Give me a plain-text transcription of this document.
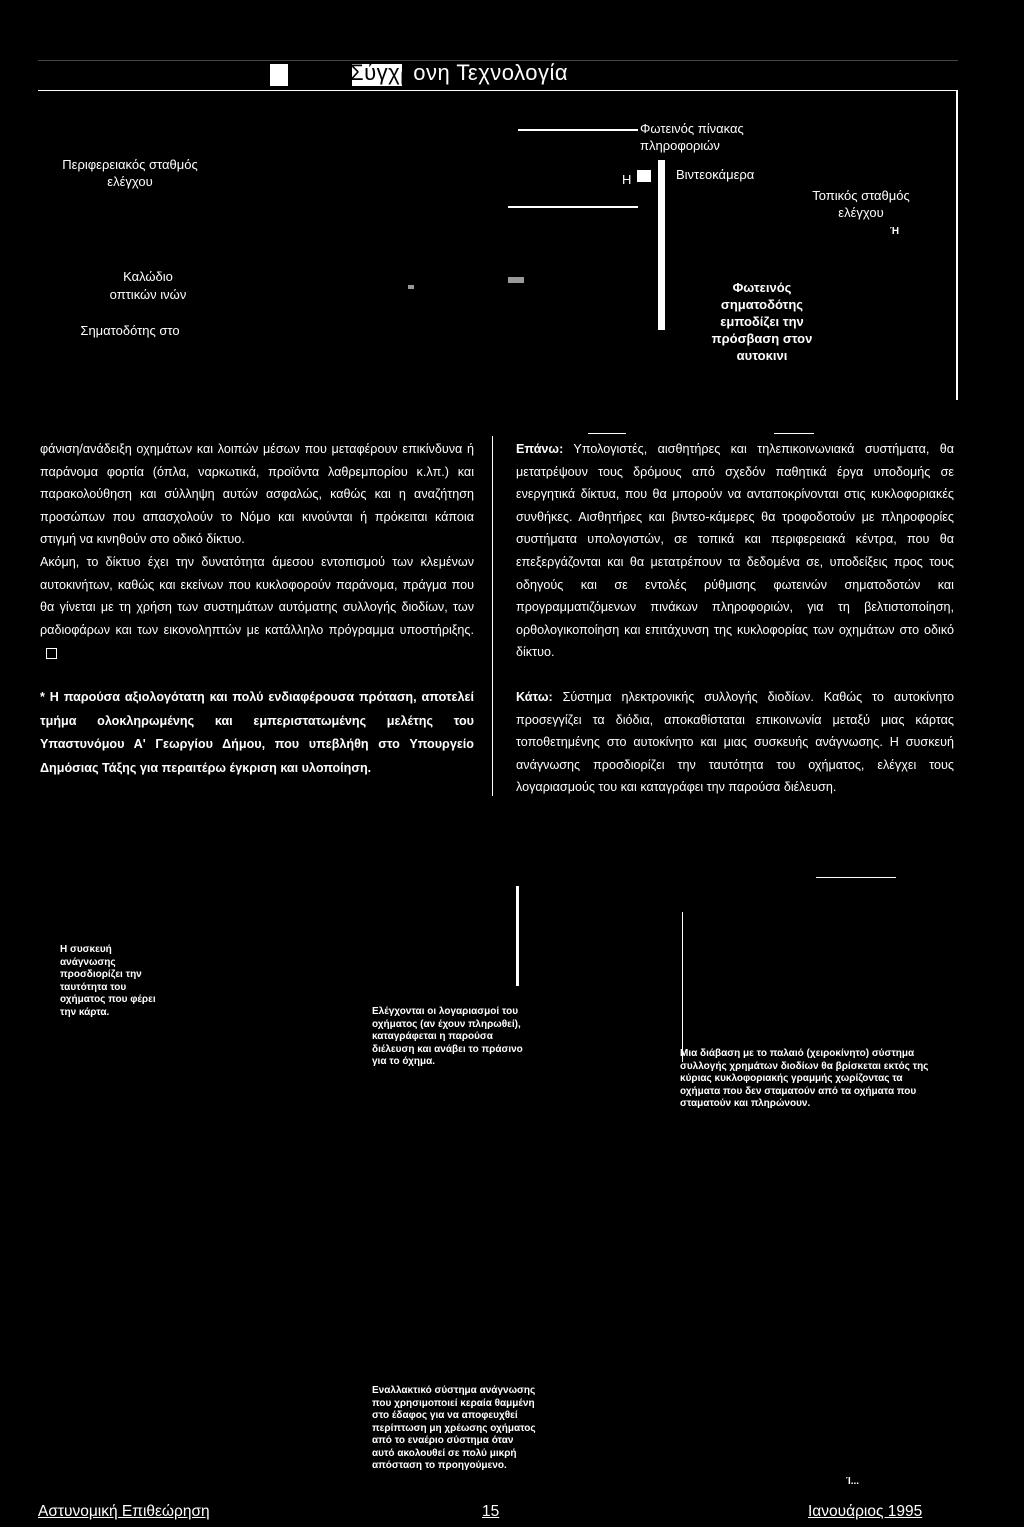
Σύγχρονη Τεχνολογία
Περιφερειακός σταθμός ελέγχου
Φωτεινός πίνακας πληροφοριών
Η	Βιντεοκάμερα
Τοπικός σταθμός ελέγχου
Ή
Καλώδιο
οπτικών ινών
Σηματοδότης στο
Φωτεινός σηματοδότης εμποδίζει την πρόσβαση στον αυτοκινι

φάνιση/ανάδειξη οχημάτων και λοιπών μέσων που μεταφέρουν επικίνδυνα ή παράνομα φορτία (όπλα, ναρκωτικά, προϊόντα λαθρεμπορίου κ.λπ.) και παρακολούθηση και σύλληψη αυτών ασφαλώς, καθώς και η αναζήτηση προσώπων που απασχολούν το Νόμο και κινούνται ή πρόκειται κάποια στιγμή να κινηθούν στο οδικό δίκτυο.

Ακόμη, το δίκτυο έχει την δυνατότητα άμεσου εντοπισμού των κλεμένων αυτοκινήτων, καθώς και εκείνων που κυκλοφορούν παράνομα, πράγμα που θα γίνεται με τη χρήση των συστημάτων αυτόματης συλλογής διοδίων, των ραδιοφάρων και των εικονοληπτών με κατάλληλο πρόγραμμα υποστήριξης.

* Η παρούσα αξιολογότατη και πολύ ενδιαφέρουσα πρόταση, αποτελεί τμήμα ολοκληρωμένης και εμπεριστατωμένης μελέτης του Υπαστυνόμου Α' Γεωργίου Δήμου, που υπεβλήθη στο Υπουργείο Δημόσιας Τάξης για περαιτέρω έγκριση και υλοποίηση.

Επάνω: Υπολογιστές, αισθητήρες και τηλεπικοινωνιακά συστήματα, θα μετατρέψουν τους δρόμους από σχεδόν παθητικά έργα υποδομής σε ενεργητικά δίκτυα, που θα μπορούν να ανταποκρίνονται στις κυκλοφοριακές συνθήκες. Αισθητήρες και βιντεο-κάμερες θα τροφοδοτούν με πληροφορίες συστήματα υπολογιστών, σε τοπικά και περιφερειακά κέντρα, που θα επεξεργάζονται και θα μετατρέπουν τα δεδομένα σε, υποδείξεις προς τους οδηγούς και σε εντολές ρύθμισης φωτεινών σηματοδοτών και προγραμματιζόμενων πινάκων πληροφοριών, για τη βελτιστοποίηση, ορθολογικοποίηση και επιτάχυνση της κυκλοφορίας των οχημάτων στο οδικό δίκτυο.

Κάτω: Σύστημα ηλεκτρονικής συλλογής διοδίων. Καθώς το αυτοκίνητο προσεγγίζει τα διόδια, αποκαθίσταται επικοινωνία μεταξύ μιας κάρτας τοποθετημένης στο αυτοκίνητο και μιας συσκευής ανάγνωσης. Η συσκευή ανάγνωσης προσδιορίζει την ταυτότητα του οχήματος, ελέγχει τους λογαριασμούς του και καταγράφει την παρούσα διέλευση.

Η συσκευή ανάγνωσης προσδιορίζει την ταυτότητα του οχήματος που φέρει την κάρτα.	Ελέγχονται οι λογαριασμοί του οχήματος (αν έχουν πληρωθεί), καταγράφεται η παρούσα διέλευση και ανάβει το πράσινο για το όχημα.
Μια διάβαση με το παλαιό (χειροκίνητο) σύστημα συλλογής χρημάτων διοδίων θα βρίσκεται εκτός της κύριας κυκλοφοριακής γραμμής χωρίζοντας τα οχήματα που δεν σταματούν από τα οχήματα που σταματούν και πληρώνουν.
Εναλλακτικό σύστημα ανάγνωσης που χρησιμοποιεί κεραία θαμμένη στο έδαφος για να αποφευχθεί περίπτωση μη χρέωσης οχήματος από το εναέριο σύστημα όταν αυτό ακολουθεί σε πολύ μικρή απόσταση το προηγούμενο.
Ί...
Αστυνομική Επιθεώρηση	15	Ιανουάριος 1995
